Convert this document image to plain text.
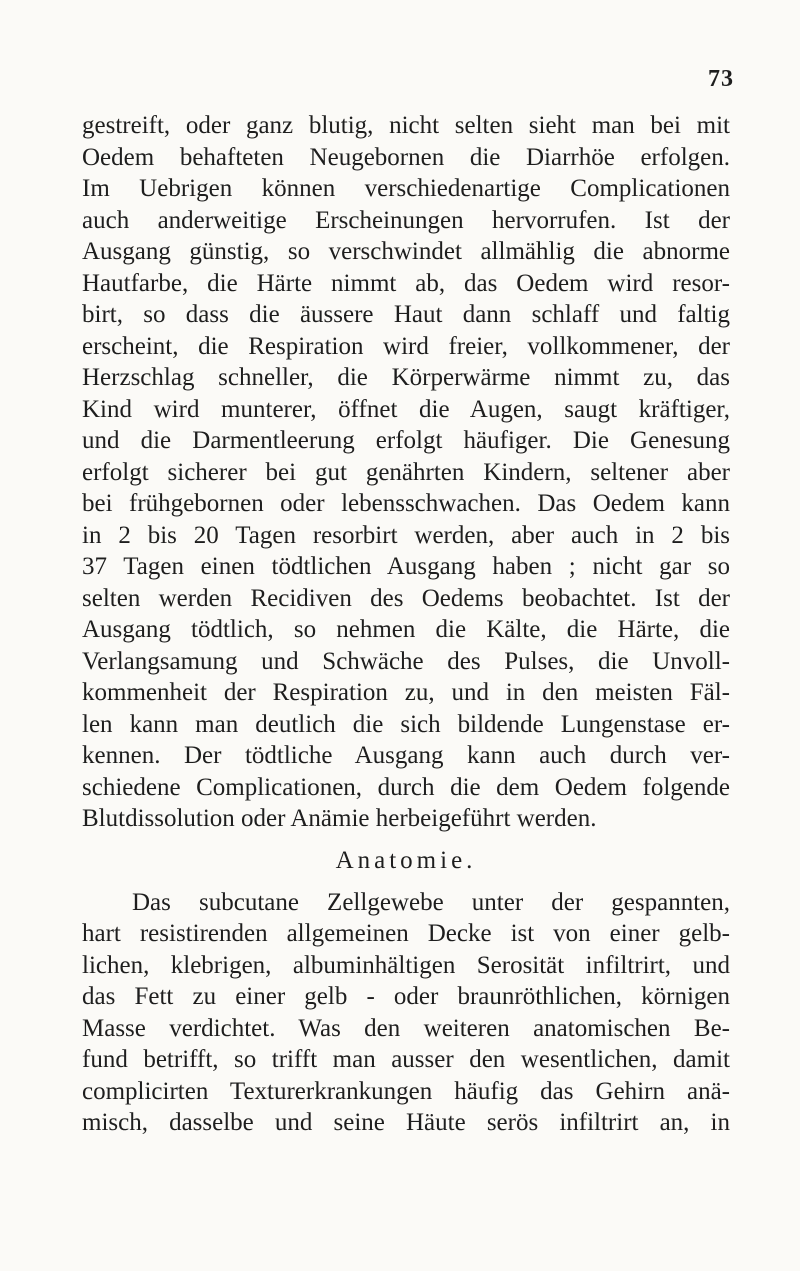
73
gestreift, oder ganz blutig, nicht selten sieht man bei mit
Oedem behafteten Neugebornen die Diarrhöe erfolgen.
Im Uebrigen können verschiedenartige Complicationen
auch anderweitige Erscheinungen hervorrufen. Ist der
Ausgang günstig, so verschwindet allmählig die abnorme
Hautfarbe, die Härte nimmt ab, das Oedem wird resor-
birt, so dass die äussere Haut dann schlaff und faltig
erscheint, die Respiration wird freier, vollkommener, der
Herzschlag schneller, die Körperwärme nimmt zu, das
Kind wird munterer, öffnet die Augen, saugt kräftiger,
und die Darmentleerung erfolgt häufiger. Die Genesung
erfolgt sicherer bei gut genährten Kindern, seltener aber
bei frühgebornen oder lebensschwachen. Das Oedem kann
in 2 bis 20 Tagen resorbirt werden, aber auch in 2 bis
37 Tagen einen tödtlichen Ausgang haben ; nicht gar so
selten werden Recidiven des Oedems beobachtet. Ist der
Ausgang tödtlich, so nehmen die Kälte, die Härte, die
Verlangsamung und Schwäche des Pulses, die Unvoll-
kommenheit der Respiration zu, und in den meisten Fäl-
len kann man deutlich die sich bildende Lungenstase er-
kennen. Der tödtliche Ausgang kann auch durch ver-
schiedene Complicationen, durch die dem Oedem folgende
Blutdissolution oder Anämie herbeigeführt werden.
Anatomie.
Das subcutane Zellgewebe unter der gespannten,
hart resistirenden allgemeinen Decke ist von einer gelb-
lichen, klebrigen, albuminhältigen Serosität infiltrirt, und
das Fett zu einer gelb - oder braunröthlichen, körnigen
Masse verdichtet. Was den weiteren anatomischen Be-
fund betrifft, so trifft man ausser den wesentlichen, damit
complicirten Texturerkrankungen häufig das Gehirn anä-
misch, dasselbe und seine Häute serös infiltrirt an, in
